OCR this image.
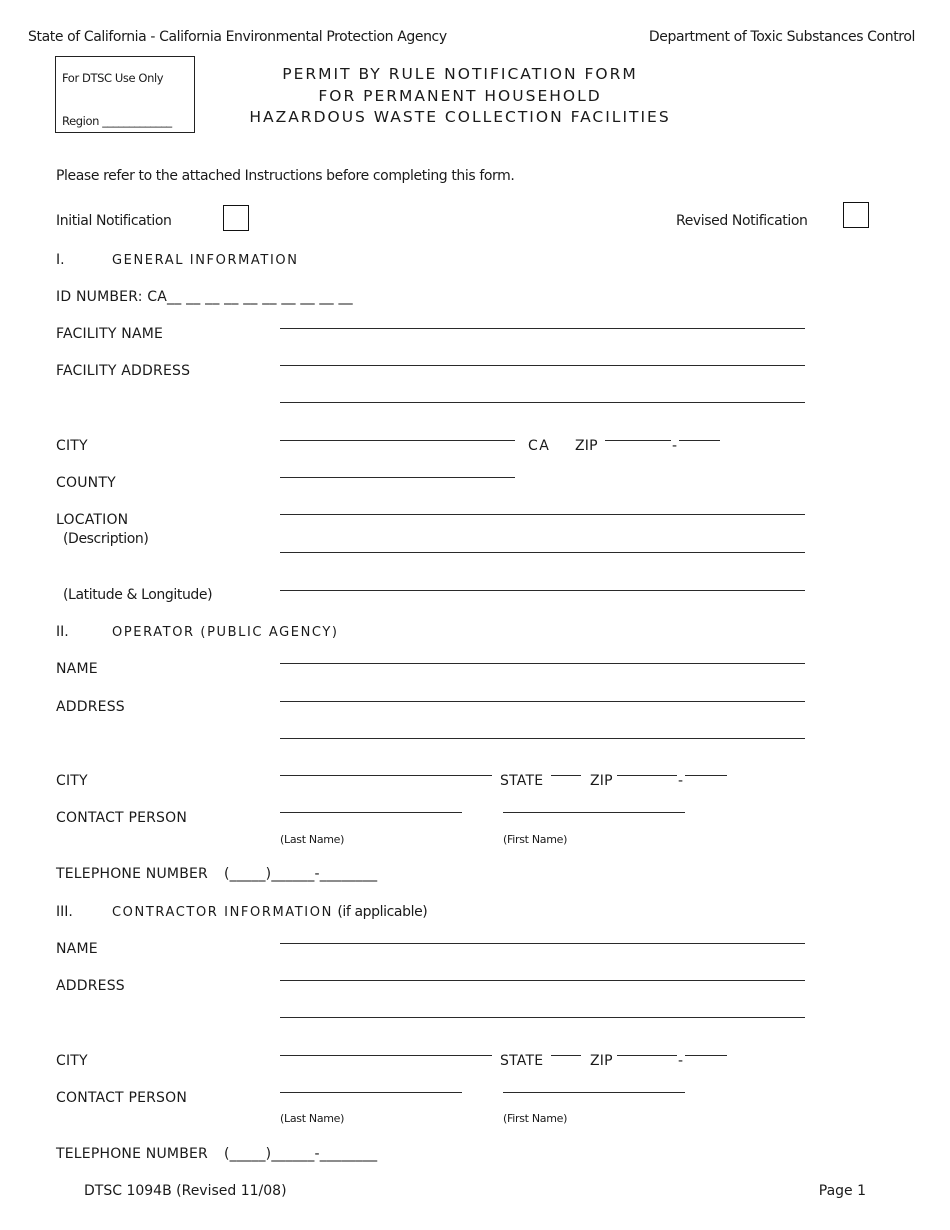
State of California - California Environmental Protection Agency	Department of Toxic Substances Control
For DTSC Use Only
Region _____________
PERMIT BY RULE NOTIFICATION FORM
FOR PERMANENT HOUSEHOLD
HAZARDOUS WASTE COLLECTION FACILITIES
Please refer to the attached Instructions before completing this form.
Initial Notification	Revised Notification
I.	GENERAL INFORMATION
ID NUMBER: CA__ __ __ __ __ __ __ __ __ __
FACILITY NAME
FACILITY ADDRESS
CITY	CA ZIP	-
COUNTY
LOCATION
(Description)
(Latitude & Longitude)
II.	OPERATOR (PUBLIC AGENCY)
NAME
ADDRESS
CITY	STATE	ZIP	-
CONTACT PERSON
(Last Name)	(First Name)
TELEPHONE NUMBER (_____)______-________
III.	CONTRACTOR INFORMATION (if applicable)
NAME
ADDRESS
CITY	STATE	ZIP	-
CONTACT PERSON
(Last Name)	(First Name)
TELEPHONE NUMBER (_____)______-________
DTSC 1094B (Revised 11/08)	Page 1
